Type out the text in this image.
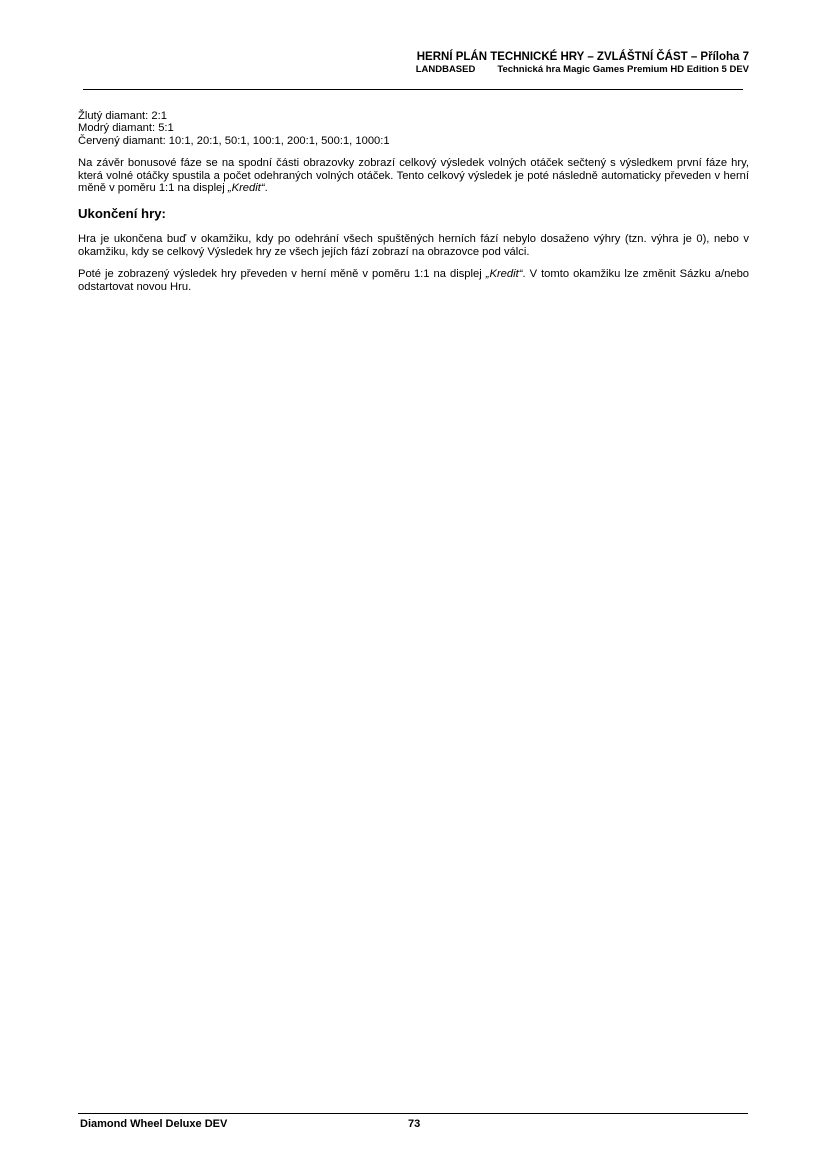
HERNÍ PLÁN TECHNICKÉ HRY – ZVLÁŠTNÍ ČÁST – Příloha 7
LANDBASED Technická hra Magic Games Premium HD Edition 5 DEV

Žlutý diamant: 2:1
Modrý diamant: 5:1
Červený diamant: 10:1, 20:1, 50:1, 100:1, 200:1, 500:1, 1000:1

Na závěr bonusové fáze se na spodní části obrazovky zobrazí celkový výsledek volných otáček sečtený s výsledkem první fáze hry, která volné otáčky spustila a počet odehraných volných otáček. Tento celkový výsledek je poté následně automaticky převeden v herní měně v poměru 1:1 na displej „Kredit“.

Ukončení hry:

Hra je ukončena buď v okamžiku, kdy po odehrání všech spuštěných herních fází nebylo dosaženo výhry (tzn. výhra je 0), nebo v okamžiku, kdy se celkový Výsledek hry ze všech jejích fází zobrazí na obrazovce pod válci.

Poté je zobrazený výsledek hry převeden v herní měně v poměru 1:1 na displej „Kredit“. V tomto okamžiku lze změnit Sázku a/nebo odstartovat novou Hru.

Diamond Wheel Deluxe DEV	73
